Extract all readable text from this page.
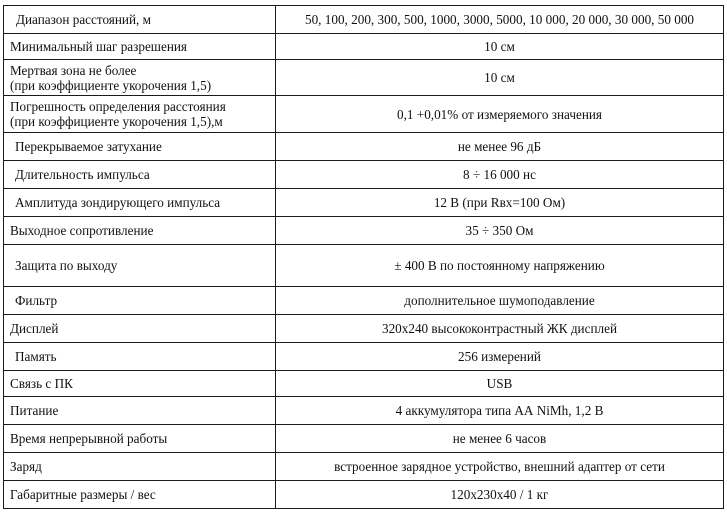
Диапазон расстояний, м	50, 100, 200, 300, 500, 1000, 3000, 5000, 10 000, 20 000, 30 000, 50 000
Минимальный шаг разрешения	10 см

Мертвая зона не более
(при коэффициенте укорочения 1,5)	10 см

Погрешность определения расстояния
(при коэффициенте укорочения 1,5),м	0,1 +0,01% от измеряемого значения
Перекрываемое затухание	не менее 96 дБ
Длительность импульса	8 ÷ 16 000 нс
Амплитуда зондирующего импульса	12 В (при Rвх=100 Ом)
Выходное сопротивление	35 ÷ 350 Ом
Защита по выходу	± 400 В по постоянному напряжению
Фильтр	дополнительное шумоподавление
Дисплей	320x240 высококонтрастный ЖК дисплей
Память	256 измерений
Связь с ПК	USB
Питание	4 аккумулятора типа АА NiMh, 1,2 В
Время непрерывной работы	не менее 6 часов
Заряд	встроенное зарядное устройство, внешний адаптер от сети
Габаритные размеры / вес	120x230x40 / 1 кг
